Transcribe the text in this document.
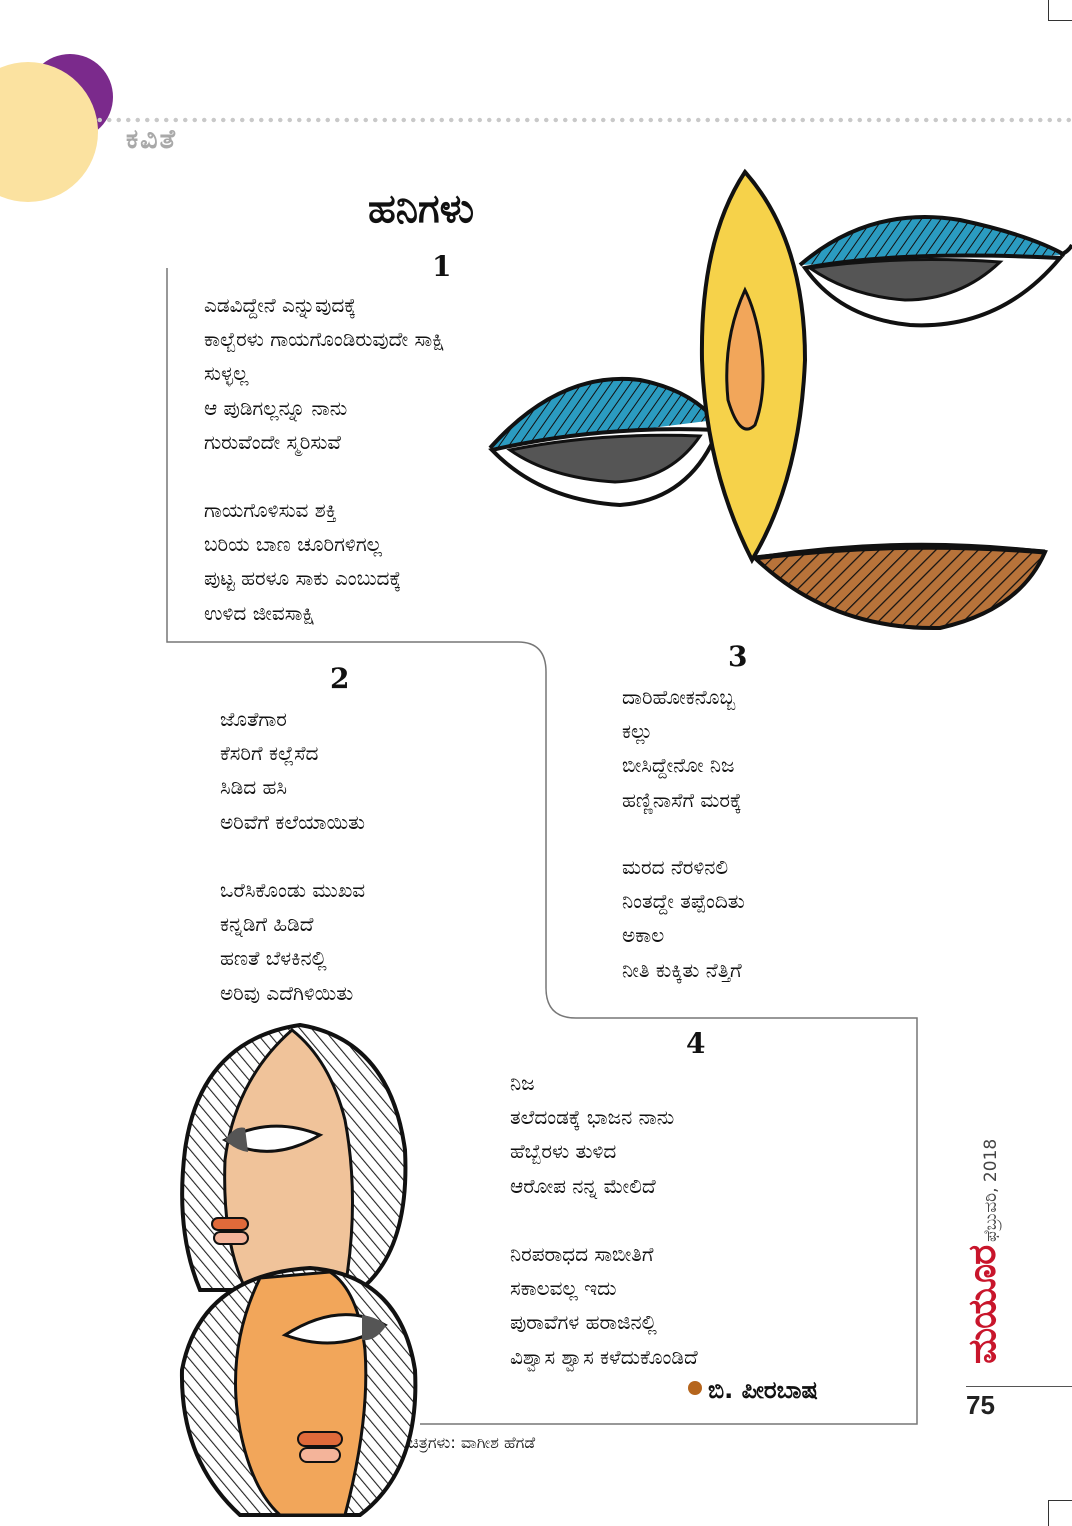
ಕವಿತೆ
ಹನಿಗಳು
1
ಎಡವಿದ್ದೇನೆ ಎನ್ನುವುದಕ್ಕೆ
ಕಾಲ್ಬೆರಳು ಗಾಯಗೊಂಡಿರುವುದೇ ಸಾಕ್ಷಿ
ಸುಳ್ಳಲ್ಲ
ಆ ಪುಡಿಗಲ್ಲನ್ನೂ ನಾನು
ಗುರುವೆಂದೇ ಸ್ಮರಿಸುವೆ
ಗಾಯಗೊಳಿಸುವ ಶಕ್ತಿ
ಬರಿಯ ಬಾಣ ಚೂರಿಗಳಿಗಲ್ಲ
ಪುಟ್ಟ ಹರಳೂ ಸಾಕು ಎಂಬುದಕ್ಕೆ
ಉಳಿದ ಜೀವಸಾಕ್ಷಿ
2
ಜೊತೆಗಾರ
ಕೆಸರಿಗೆ ಕಲ್ಲೆಸೆದ
ಸಿಡಿದ ಹಸಿ
ಅರಿವೆಗೆ ಕಲೆಯಾಯಿತು
ಒರೆಸಿಕೊಂಡು ಮುಖವ
ಕನ್ನಡಿಗೆ ಹಿಡಿದೆ
ಹಣತೆ ಬೆಳಕಿನಲ್ಲಿ
ಅರಿವು ಎದೆಗಿಳಿಯಿತು
3
ದಾರಿಹೋಕನೊಬ್ಬ
ಕಲ್ಲು
ಬೀಸಿದ್ದೇನೋ ನಿಜ
ಹಣ್ಣಿನಾಸೆಗೆ ಮರಕ್ಕೆ
ಮರದ ನೆರಳಿನಲಿ
ನಿಂತದ್ದೇ ತಪ್ಪೆಂದಿತು
ಅಕಾಲ
ನೀತಿ ಕುಕ್ಕಿತು ನೆತ್ತಿಗೆ
4
ನಿಜ
ತಲೆದಂಡಕ್ಕೆ ಭಾಜನ ನಾನು
ಹೆಬ್ಬೆರಳು ತುಳಿದ
ಆರೋಪ ನನ್ನ ಮೇಲಿದೆ
ನಿರಪರಾಧದ ಸಾಬೀತಿಗೆ
ಸಕಾಲವಲ್ಲ ಇದು
ಪುರಾವೆಗಳ ಹರಾಜಿನಲ್ಲಿ
ವಿಶ್ವಾಸ ಶ್ವಾಸ ಕಳೆದುಕೊಂಡಿದೆ
ಬಿ. ಪೀರಬಾಷ
ಚಿತ್ರಗಳು: ವಾಗೀಶ ಹೆಗಡೆ
ಫೆಬ್ರುವರಿ, 2018
ಮಯೂರ
75
